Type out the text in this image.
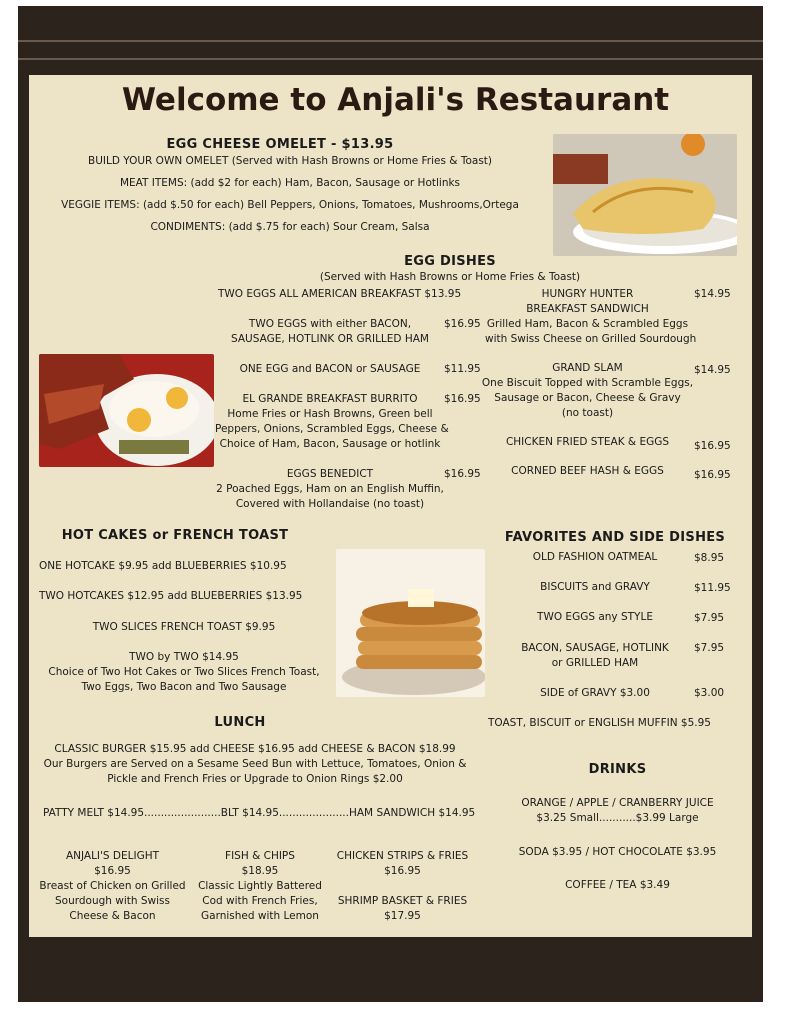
Welcome to Anjali's Restaurant
EGG CHEESE OMELET - $13.95
BUILD YOUR OWN OMELET (Served with Hash Browns or Home Fries & Toast)
MEAT ITEMS: (add $2 for each) Ham, Bacon, Sausage or Hotlinks
VEGGIE ITEMS: (add $.50 for each) Bell Peppers, Onions, Tomatoes, Mushrooms,Ortega
CONDIMENTS: (add $.75 for each) Sour Cream, Salsa
EGG DISHES
(Served with Hash Browns or Home Fries & Toast)
TWO EGGS ALL AMERICAN BREAKFAST $13.95
TWO EGGS with either BACON,
SAUSAGE, HOTLINK OR GRILLED HAM
$16.95
ONE EGG and BACON or SAUSAGE	$11.95
EL GRANDE BREAKFAST BURRITO	$16.95
Home Fries or Hash Browns, Green bell
Peppers, Onions, Scrambled Eggs, Cheese &
Choice of Ham, Bacon, Sausage or hotlink
EGGS BENEDICT	$16.95
2 Poached Eggs, Ham on an English Muffin,
Covered with Hollandaise (no toast)
HUNGRY HUNTER	$14.95
BREAKFAST SANDWICH
Grilled Ham, Bacon & Scrambled Eggs
with Swiss Cheese on Grilled Sourdough
GRAND SLAM	$14.95
One Biscuit Topped with Scramble Eggs,
Sausage or Bacon, Cheese & Gravy
(no toast)
CHICKEN FRIED STEAK & EGGS	$16.95
CORNED BEEF HASH & EGGS	$16.95
HOT CAKES or FRENCH TOAST
ONE HOTCAKE $9.95 add BLUEBERRIES $10.95
TWO HOTCAKES $12.95 add BLUEBERRIES $13.95
TWO SLICES FRENCH TOAST $9.95
TWO by TWO $14.95
Choice of Two Hot Cakes or Two Slices French Toast,
Two Eggs, Two Bacon and Two Sausage
FAVORITES AND SIDE DISHES
OLD FASHION OATMEAL	$8.95
BISCUITS and GRAVY	$11.95
TWO EGGS any STYLE	$7.95
BACON, SAUSAGE, HOTLINK
or GRILLED HAM
$7.95
SIDE of GRAVY $3.00	$3.00
TOAST, BISCUIT or ENGLISH MUFFIN $5.95
LUNCH
CLASSIC BURGER $15.95 add CHEESE $16.95 add CHEESE & BACON $18.99
Our Burgers are Served on a Sesame Seed Bun with Lettuce, Tomatoes, Onion &
Pickle and French Fries or Upgrade to Onion Rings $2.00
PATTY MELT $14.95.......................BLT $14.95.....................HAM SANDWICH $14.95
ANJALI'S DELIGHT
$16.95
Breast of Chicken on Grilled
Sourdough with Swiss
Cheese & Bacon
FISH & CHIPS
$18.95
Classic Lightly Battered
Cod with French Fries,
Garnished with Lemon
CHICKEN STRIPS & FRIES
$16.95
SHRIMP BASKET & FRIES
$17.95
DRINKS
ORANGE / APPLE / CRANBERRY JUICE
$3.25 Small...........$3.99 Large
SODA $3.95 / HOT CHOCOLATE $3.95
COFFEE / TEA $3.49
